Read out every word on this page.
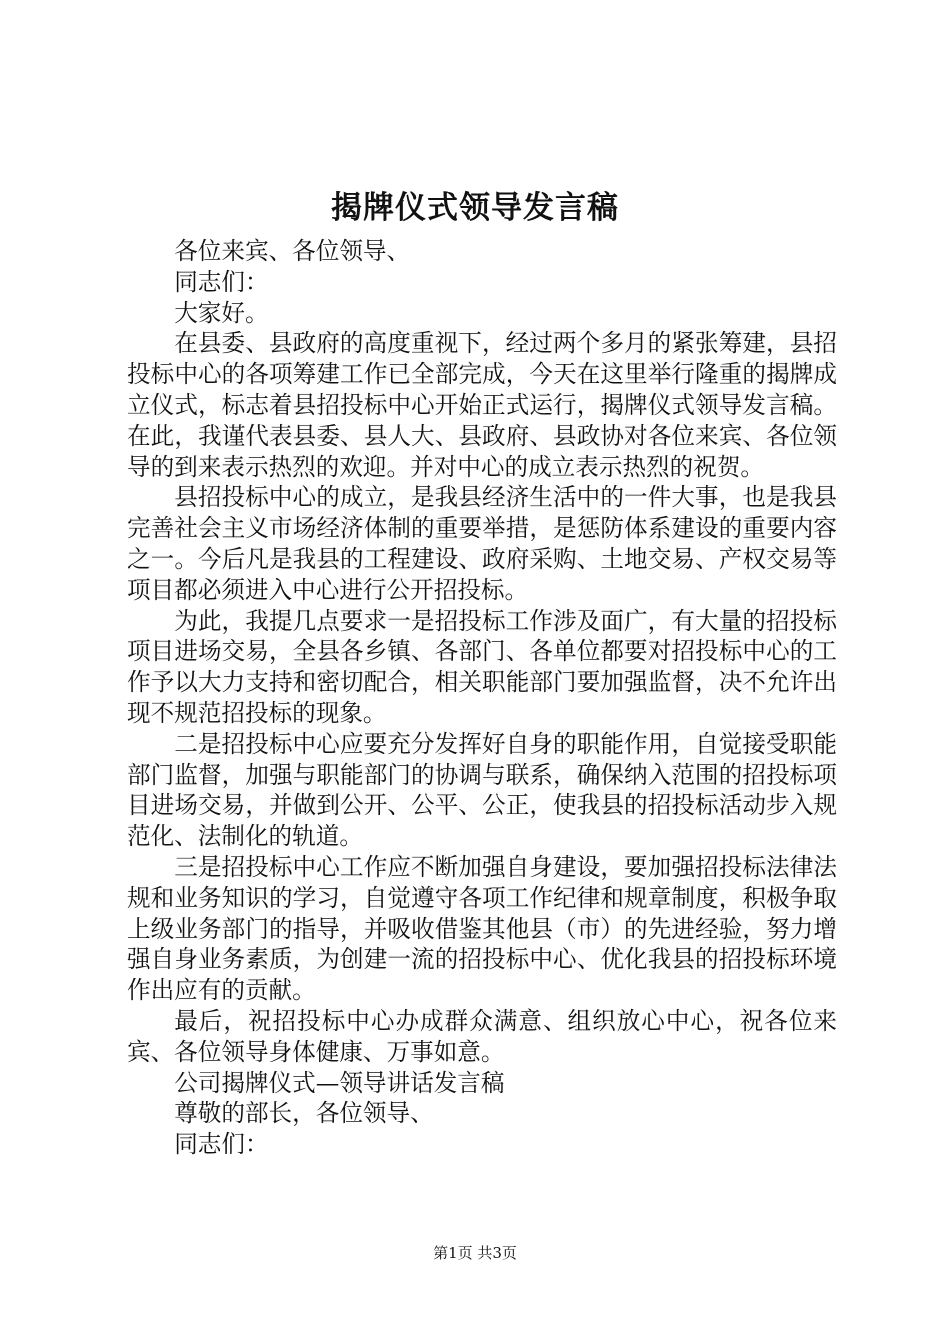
揭牌仪式领导发言稿

各位来宾、各位领导、

同志们：

大家好。

在县委、县政府的高度重视下，经过两个多月的紧张筹建，县招投标中心的各项筹建工作已全部完成，今天在这里举行隆重的揭牌成立仪式，标志着县招投标中心开始正式运行，揭牌仪式领导发言稿。在此，我谨代表县委、县人大、县政府、县政协对各位来宾、各位领导的到来表示热烈的欢迎。并对中心的成立表示热烈的祝贺。

县招投标中心的成立，是我县经济生活中的一件大事，也是我县完善社会主义市场经济体制的重要举措，是惩防体系建设的重要内容之一。今后凡是我县的工程建设、政府采购、土地交易、产权交易等项目都必须进入中心进行公开招投标。

为此，我提几点要求一是招投标工作涉及面广，有大量的招投标项目进场交易，全县各乡镇、各部门、各单位都要对招投标中心的工作予以大力支持和密切配合，相关职能部门要加强监督，决不允许出现不规范招投标的现象。

二是招投标中心应要充分发挥好自身的职能作用，自觉接受职能部门监督，加强与职能部门的协调与联系，确保纳入范围的招投标项目进场交易，并做到公开、公平、公正，使我县的招投标活动步入规范化、法制化的轨道。

三是招投标中心工作应不断加强自身建设，要加强招投标法律法规和业务知识的学习，自觉遵守各项工作纪律和规章制度，积极争取上级业务部门的指导，并吸收借鉴其他县（市）的先进经验，努力增强自身业务素质，为创建一流的招投标中心、优化我县的招投标环境作出应有的贡献。

最后，祝招投标中心办成群众满意、组织放心中心，祝各位来宾、各位领导身体健康、万事如意。

公司揭牌仪式—领导讲话发言稿

尊敬的部长，各位领导、

同志们：

第1页 共3页
